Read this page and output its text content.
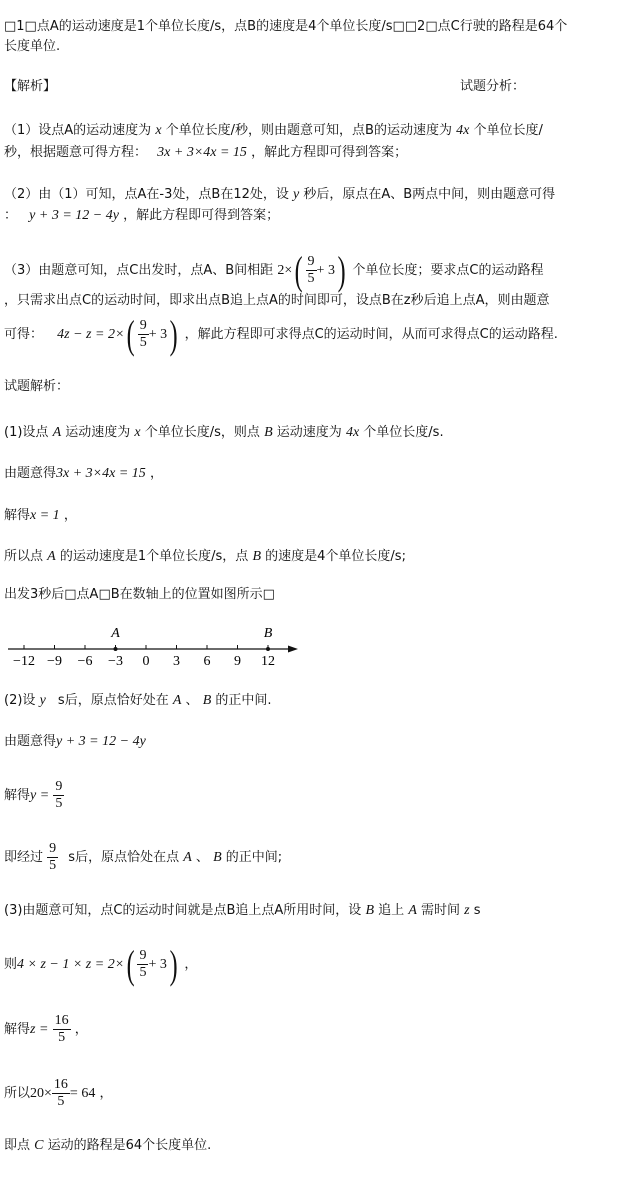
□1□点A的运动速度是1个单位长度/s，点B的速度是4个单位长度/s□□2□点C行驶的路程是64个
长度单位.
【解析】	试题分析：
（1）设点A的运动速度为 x 个单位长度/秒，则由题意可知，点B的运动速度为 4x 个单位长度/
秒，根据题意可得方程： 3x + 3×4x = 15 ，解此方程即可得到答案；
（2）由（1）可知，点A在-3处，点B在12处，设 y 秒后，原点在A、B两点中间，则由题意可得
： y + 3 = 12 − 4y ，解此方程即可得到答案；
（3）由题意可知，点C出发时，点A、B间相距 $2\times( \frac{9}{5} + 3)$ 个单位长度；要求点C的运动路程
，只需求出点C的运动时间，即求出点B追上点A的时间即可，设点B在z秒后追上点A，则由题意
可得： $4z - z = 2\times( \frac{9}{5} + 3)$ ，解此方程即可求得点C的运动时间，从而可求得点C的运动路程.
试题解析：
(1)设点 A 运动速度为 x 个单位长度/s，则点 B 运动速度为 4x 个单位长度/s.
由题意得3x + 3×4x = 15 ，
解得x = 1 ，
所以点 A 的运动速度是1个单位长度/s，点 B 的速度是4个单位长度/s;
出发3秒后□点A□B在数轴上的位置如图所示□
−12 −9 −6 −3 0 3 6 9 12
A	B
(2)设 y s后，原点恰好处在 A 、 B 的正中间.
由题意得y + 3 = 12 − 4y
解得$y = \frac{9}{5}$
即经过 $\frac{9}{5}$ s后，原点恰处在点 A 、 B 的正中间;
(3)由题意可知，点C的运动时间就是点B追上点A所用时间，设 B 追上 A 需时间 z s
则$4 \times z - 1 \times z = 2\times( \frac{9}{5} + 3)$ ，
解得$z = \frac{16}{5}$ ，
所以$20\times \frac{16}{5} = 64$ ，
即点 C 运动的路程是64个长度单位.
